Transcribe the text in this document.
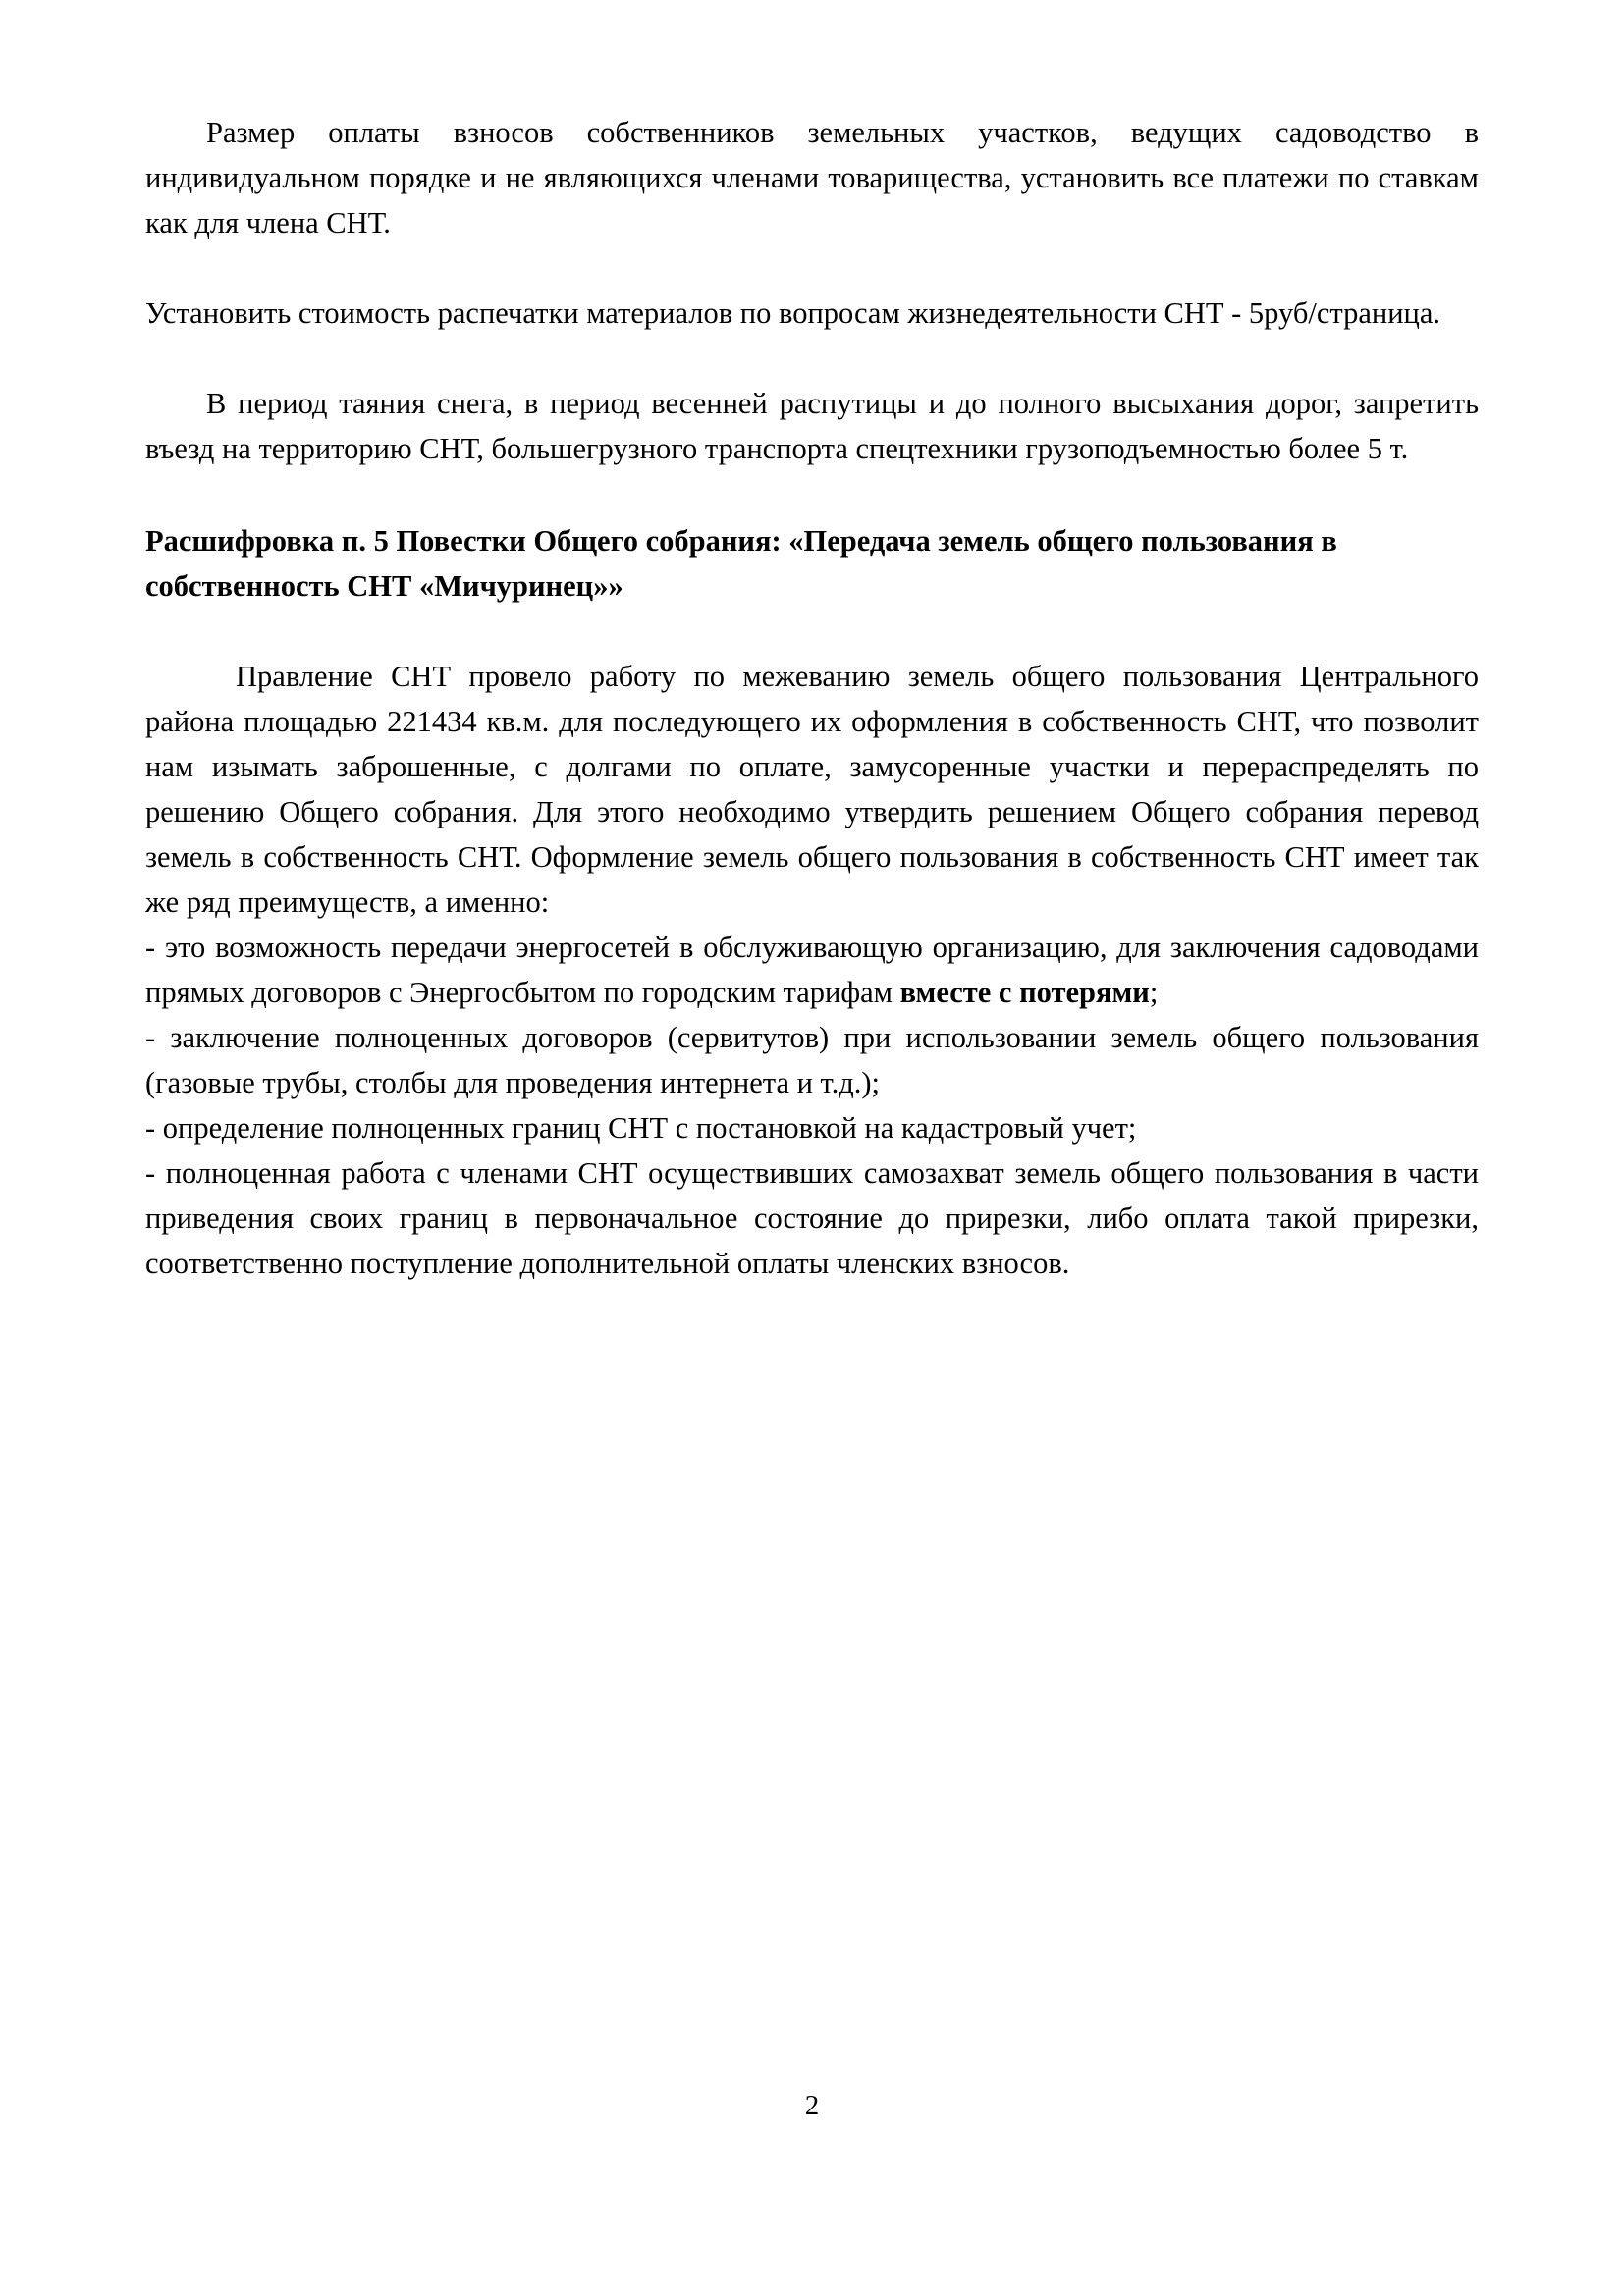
Размер оплаты взносов собственников земельных участков, ведущих садоводство в индивидуальном порядке и не являющихся членами товарищества, установить все платежи по ставкам как для члена СНТ.

Установить стоимость распечатки материалов по вопросам жизнедеятельности СНТ - 5руб/страница.

В период таяния снега, в период весенней распутицы и до полного высыхания дорог, запретить въезд на территорию СНТ, большегрузного транспорта спецтехники грузоподъемностью более 5 т.

Расшифровка п. 5 Повестки Общего собрания: «Передача земель общего пользования в собственность СНТ «Мичуринец»»

Правление СНТ провело работу по межеванию земель общего пользования Центрального района площадью 221434 кв.м. для последующего их оформления в собственность СНТ, что позволит нам изымать заброшенные, с долгами по оплате, замусоренные участки и перераспределять по решению Общего собрания. Для этого необходимо утвердить решением Общего собрания перевод земель в собственность СНТ. Оформление земель общего пользования в собственность СНТ имеет так же ряд преимуществ, а именно:

- это возможность передачи энергосетей в обслуживающую организацию, для заключения садоводами прямых договоров с Энергосбытом по городским тарифам вместе с потерями;

- заключение полноценных договоров (сервитутов) при использовании земель общего пользования (газовые трубы, столбы для проведения интернета и т.д.);

- определение полноценных границ СНТ с постановкой на кадастровый учет;

- полноценная работа с членами СНТ осуществивших самозахват земель общего пользования в части приведения своих границ в первоначальное состояние до прирезки, либо оплата такой прирезки, соответственно поступление дополнительной оплаты членских взносов.

2
